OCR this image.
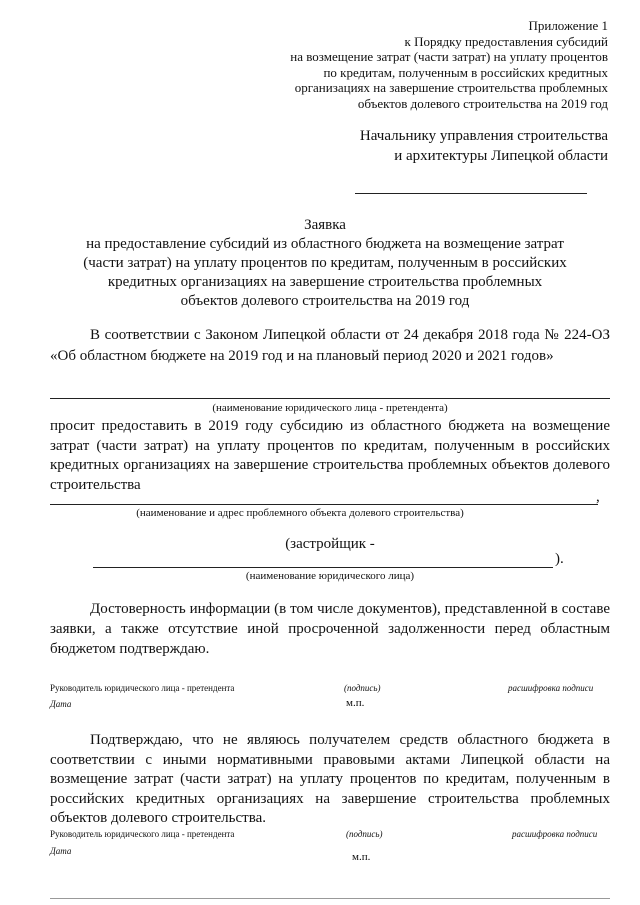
Приложение 1
к Порядку предоставления субсидий
на возмещение затрат (части затрат) на уплату процентов
по кредитам, полученным в российских кредитных
организациях на завершение строительства проблемных
объектов долевого строительства на 2019 год
Начальнику управления строительства
и архитектуры Липецкой области
Заявка
на предоставление субсидий из областного бюджета на возмещение затрат
(части затрат) на уплату процентов по кредитам, полученным в российских
кредитных организациях на завершение строительства проблемных
объектов долевого строительства на 2019 год

В соответствии с Законом Липецкой области от 24 декабря 2018 года № 224-ОЗ «Об областном бюджете на 2019 год и на плановый период 2020 и 2021 годов»

(наименование юридического лица - претендента)

просит предоставить в 2019 году субсидию из областного бюджета на возмещение затрат (части затрат) на уплату процентов по кредитам, полученным в российских кредитных организациях на завершение строительства проблемных объектов долевого строительства

,
(наименование и адрес проблемного объекта долевого строительства)
(застройщик -
).
(наименование юридического лица)

Достоверность информации (в том числе документов), представленной в составе заявки, а также отсутствие иной просроченной задолженности перед областным бюджетом подтверждаю.

Руководитель юридического лица - претендента	(подпись)	расшифровка подписи
Дата	м.п.

Подтверждаю, что не являюсь получателем средств областного бюджета в соответствии с иными нормативными правовыми актами Липецкой области на возмещение затрат (части затрат) на уплату процентов по кредитам, полученным в российских кредитных организациях на завершение строительства проблемных объектов долевого строительства.

Руководитель юридического лица - претендента	(подпись)	расшифровка подписи
Дата	м.п.
